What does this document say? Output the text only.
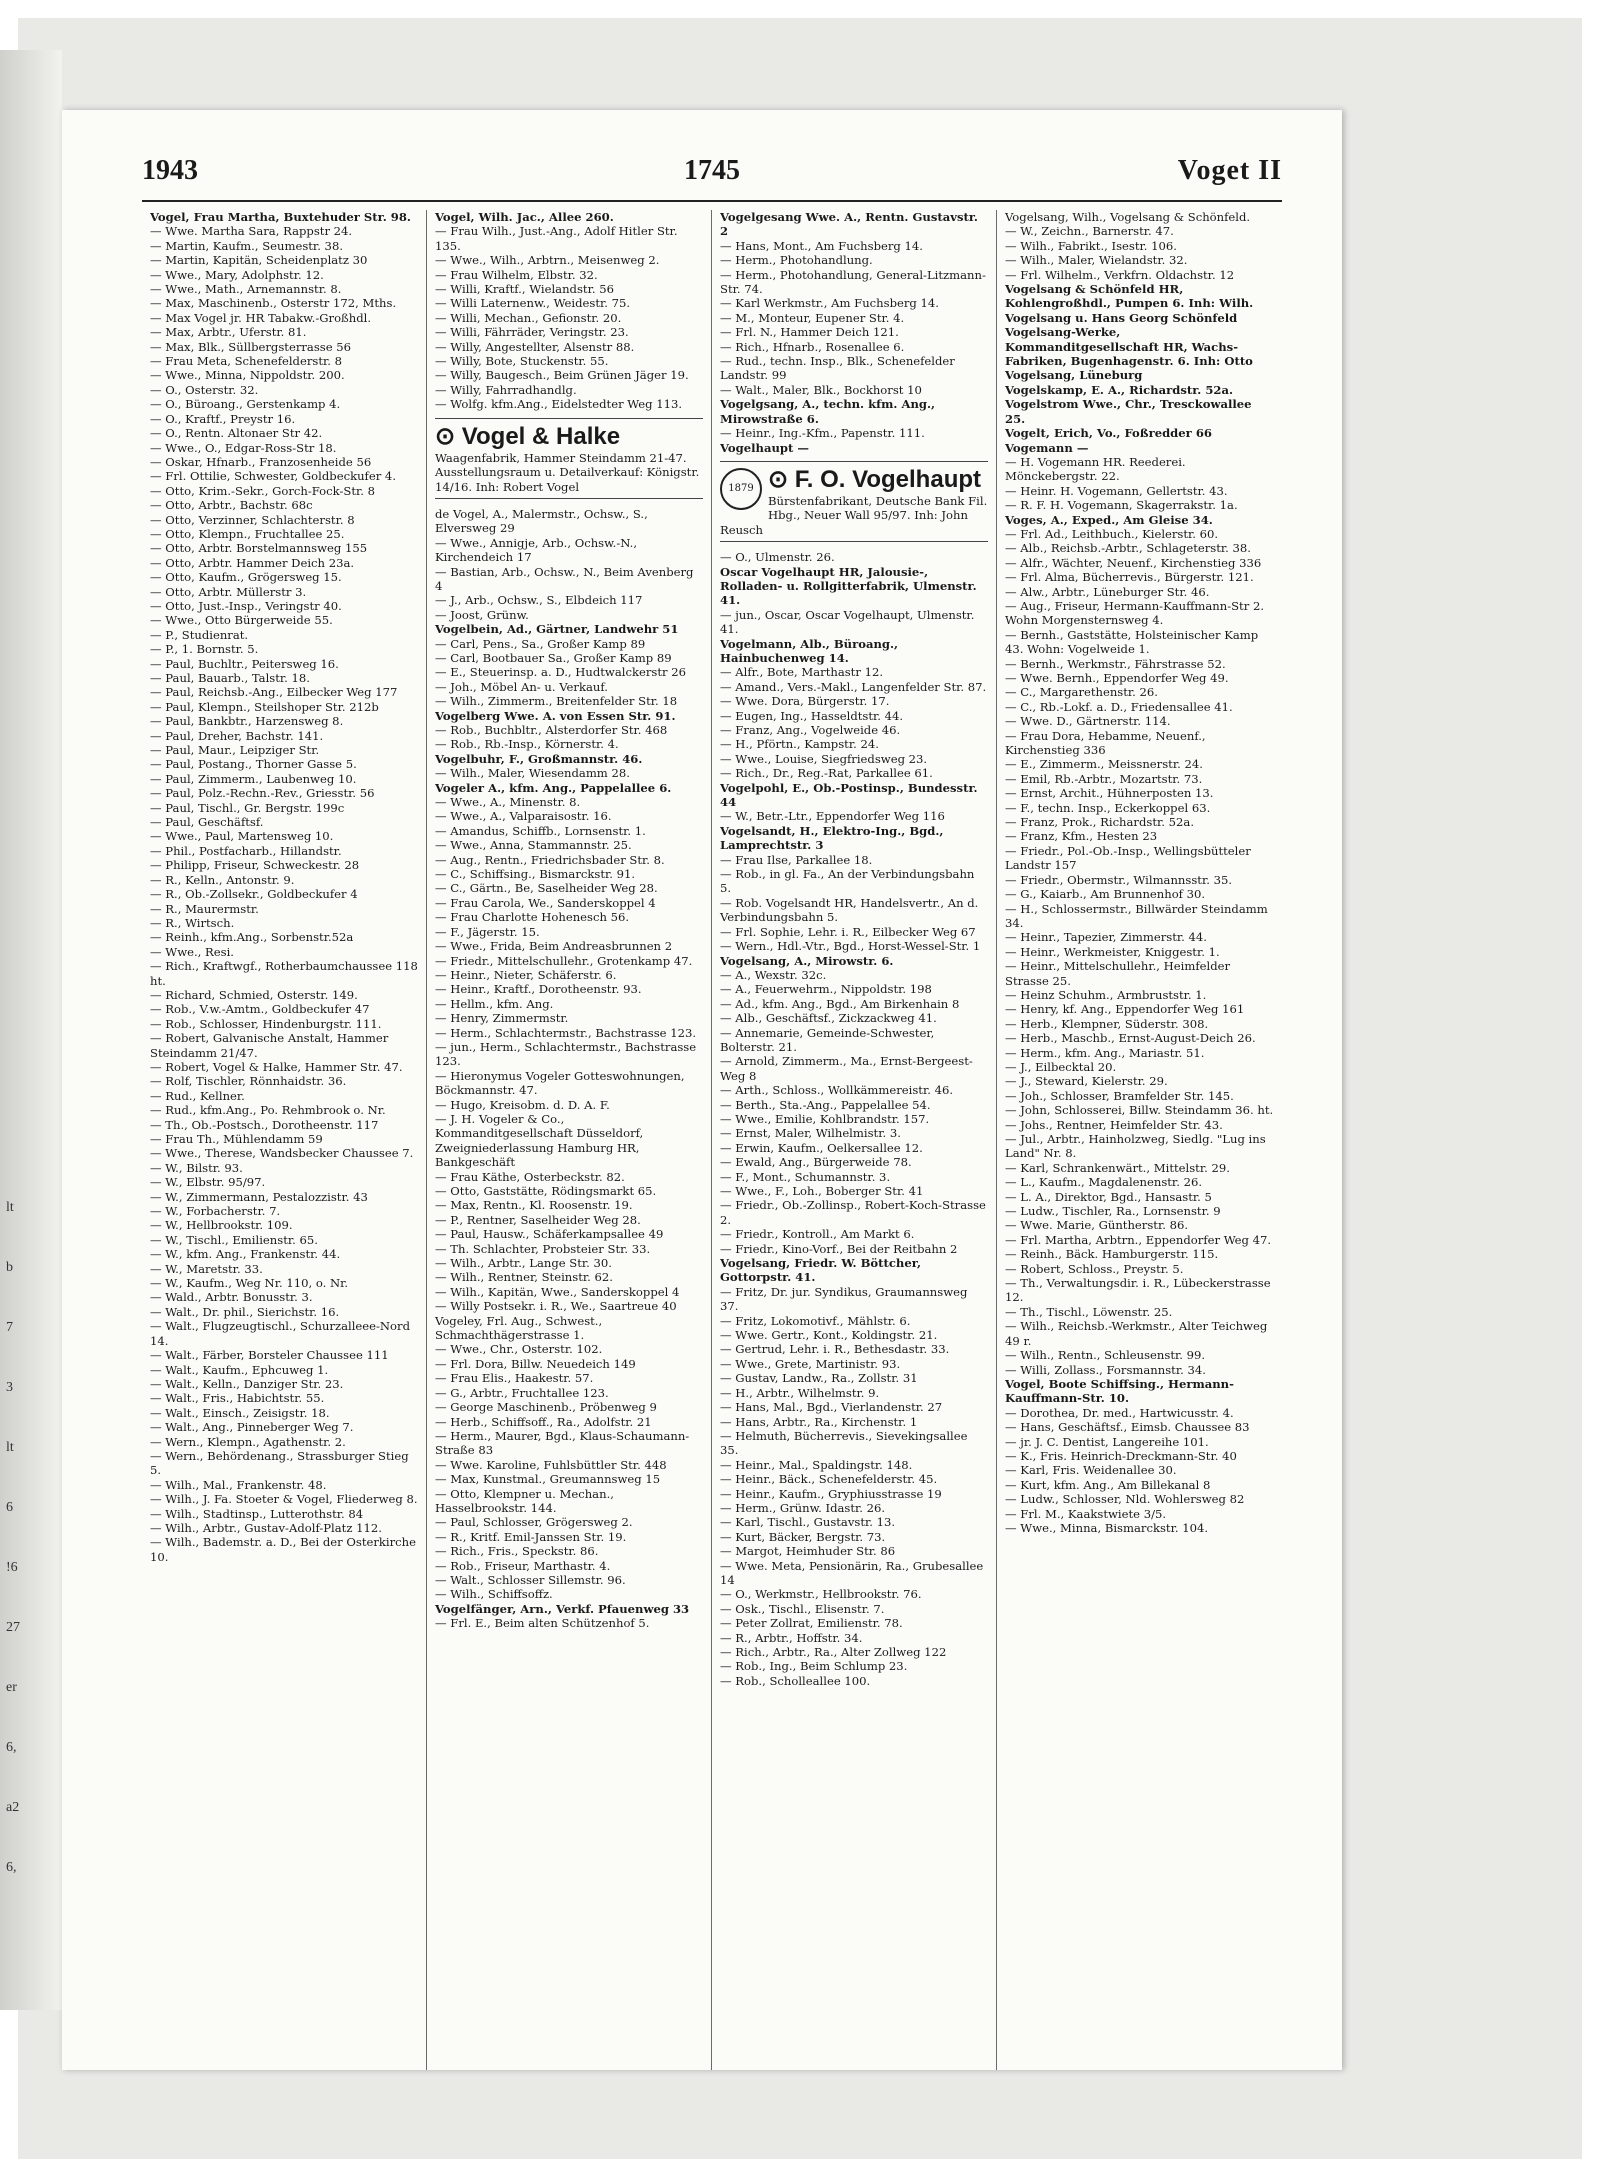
lt
b
7
3
lt
6
!6
27
er
6,
a2
6,
1943	1745	Voget II

Vogel, Frau Martha, Buxtehuder Str. 98.

— Wwe. Martha Sara, Rappstr 24.

— Martin, Kaufm., Seumestr. 38.

— Martin, Kapitän, Scheidenplatz 30

— Wwe., Mary, Adolphstr. 12.

— Wwe., Math., Arnemannstr. 8.

— Max, Maschinenb., Osterstr 172, Mths.

— Max Vogel jr. HR Tabakw.-Großhdl.

— Max, Arbtr., Uferstr. 81.

— Max, Blk., Süllbergsterrasse 56

— Frau Meta, Schenefelderstr. 8

— Wwe., Minna, Nippoldstr. 200.

— O., Osterstr. 32.

— O., Büroang., Gerstenkamp 4.

— O., Kraftf., Preystr 16.

— O., Rentn. Altonaer Str 42.

— Wwe., O., Edgar-Ross-Str 18.

— Oskar, Hfnarb., Franzosenheide 56

— Frl. Ottilie, Schwester, Goldbeckufer 4.

— Otto, Krim.-Sekr., Gorch-Fock-Str. 8

— Otto, Arbtr., Bachstr. 68c

— Otto, Verzinner, Schlachterstr. 8

— Otto, Klempn., Fruchtallee 25.

— Otto, Arbtr. Borstelmannsweg 155

— Otto, Arbtr. Hammer Deich 23a.

— Otto, Kaufm., Grögersweg 15.

— Otto, Arbtr. Müllerstr 3.

— Otto, Just.-Insp., Veringstr 40.

— Wwe., Otto Bürgerweide 55.

— P., Studienrat.

— P., 1. Bornstr. 5.

— Paul, Buchltr., Peitersweg 16.

— Paul, Bauarb., Talstr. 18.

— Paul, Reichsb.-Ang., Eilbecker Weg 177

— Paul, Klempn., Steilshoper Str. 212b

— Paul, Bankbtr., Harzensweg 8.

— Paul, Dreher, Bachstr. 141.

— Paul, Maur., Leipziger Str.

— Paul, Postang., Thorner Gasse 5.

— Paul, Zimmerm., Laubenweg 10.

— Paul, Polz.-Rechn.-Rev., Griesstr. 56

— Paul, Tischl., Gr. Bergstr. 199c

— Paul, Geschäftsf.

— Wwe., Paul, Martensweg 10.

— Phil., Postfacharb., Hillandstr.

— Philipp, Friseur, Schweckestr. 28

— R., Kelln., Antonstr. 9.

— R., Ob.-Zollsekr., Goldbeckufer 4

— R., Maurermstr.

— R., Wirtsch.

— Reinh., kfm.Ang., Sorbenstr.52a

— Wwe., Resi.

— Rich., Kraftwgf., Rotherbaumchaussee 118 ht.

— Richard, Schmied, Osterstr. 149.

— Rob., V.w.-Amtm., Goldbeckufer 47

— Rob., Schlosser, Hindenburgstr. 111.

— Robert, Galvanische Anstalt, Hammer Steindamm 21/47.

— Robert, Vogel & Halke, Hammer Str. 47.

— Rolf, Tischler, Rönnhaidstr. 36.

— Rud., Kellner.

— Rud., kfm.Ang., Po. Rehmbrook o. Nr.

— Th., Ob.-Postsch., Dorotheenstr. 117

— Frau Th., Mühlendamm 59

— Wwe., Therese, Wandsbecker Chaussee 7.

— W., Bilstr. 93.

— W., Elbstr. 95/97.

— W., Zimmermann, Pestalozzistr. 43

— W., Forbacherstr. 7.

— W., Hellbrookstr. 109.

— W., Tischl., Emilienstr. 65.

— W., kfm. Ang., Frankenstr. 44.

— W., Maretstr. 33.

— W., Kaufm., Weg Nr. 110, o. Nr.

— Wald., Arbtr. Bonusstr. 3.

— Walt., Dr. phil., Sierichstr. 16.

— Walt., Flugzeugtischl., Schurzalleee-Nord 14.

— Walt., Färber, Borsteler Chaussee 111

— Walt., Kaufm., Ephcuweg 1.

— Walt., Kelln., Danziger Str. 23.

— Walt., Fris., Habichtstr. 55.

— Walt., Einsch., Zeisigstr. 18.

— Walt., Ang., Pinneberger Weg 7.

— Wern., Klempn., Agathenstr. 2.

— Wern., Behördenang., Strassburger Stieg 5.

— Wilh., Mal., Frankenstr. 48.

— Wilh., J. Fa. Stoeter & Vogel, Fliederweg 8.

— Wilh., Stadtinsp., Lutterothstr. 84

— Wilh., Arbtr., Gustav-Adolf-Platz 112.

— Wilh., Bademstr. a. D., Bei der Osterkirche 10.

Vogel, Wilh. Jac., Allee 260.

— Frau Wilh., Just.-Ang., Adolf Hitler Str. 135.

— Wwe., Wilh., Arbtrn., Meisenweg 2.

— Frau Wilhelm, Elbstr. 32.

— Willi, Kraftf., Wielandstr. 56

— Willi Laternenw., Weidestr. 75.

— Willi, Mechan., Gefionstr. 20.

— Willi, Fährräder, Veringstr. 23.

— Willy, Angestellter, Alsenstr 88.

— Willy, Bote, Stuckenstr. 55.

— Willy, Baugesch., Beim Grünen Jäger 19.

— Willy, Fahrradhandlg.

— Wolfg. kfm.Ang., Eidelstedter Weg 113.

⊙ Vogel & Halke
Waagenfabrik, Hammer Steindamm 21-47. Ausstellungsraum u. Detailverkauf: Königstr. 14/16. Inh: Robert Vogel

de Vogel, A., Malermstr., Ochsw., S., Elversweg 29

— Wwe., Annigje, Arb., Ochsw.-N., Kirchendeich 17

— Bastian, Arb., Ochsw., N., Beim Avenberg 4

— J., Arb., Ochsw., S., Elbdeich 117

— Joost, Grünw.

Vogelbein, Ad., Gärtner, Landwehr 51

— Carl, Pens., Sa., Großer Kamp 89

— Carl, Bootbauer Sa., Großer Kamp 89

— E., Steuerinsp. a. D., Hudtwalckerstr 26

— Joh., Möbel An- u. Verkauf.

— Wilh., Zimmerm., Breitenfelder Str. 18

Vogelberg Wwe. A. von Essen Str. 91.

— Rob., Buchbltr., Alsterdorfer Str. 468

— Rob., Rb.-Insp., Körnerstr. 4.

Vogelbuhr, F., Großmannstr. 46.

— Wilh., Maler, Wiesendamm 28.

Vogeler A., kfm. Ang., Pappelallee 6.

— Wwe., A., Minenstr. 8.

— Wwe., A., Valparaisostr. 16.

— Amandus, Schiffb., Lornsenstr. 1.

— Wwe., Anna, Stammannstr. 25.

— Aug., Rentn., Friedrichsbader Str. 8.

— C., Schiffsing., Bismarckstr. 91.

— C., Gärtn., Be, Saselheider Weg 28.

— Frau Carola, We., Sanderskoppel 4

— Frau Charlotte Hohenesch 56.

— F., Jägerstr. 15.

— Wwe., Frida, Beim Andreasbrunnen 2

— Friedr., Mittelschullehr., Grotenkamp 47.

— Heinr., Nieter, Schäferstr. 6.

— Heinr., Kraftf., Dorotheenstr. 93.

— Hellm., kfm. Ang.

— Henry, Zimmermstr.

— Herm., Schlachtermstr., Bachstrasse 123.

— jun., Herm., Schlachtermstr., Bachstrasse 123.

— Hieronymus Vogeler Gotteswohnungen, Böckmannstr. 47.

— Hugo, Kreisobm. d. D. A. F.

— J. H. Vogeler & Co., Kommanditgesellschaft Düsseldorf, Zweigniederlassung Hamburg HR, Bankgeschäft

— Frau Käthe, Osterbeckstr. 82.

— Otto, Gaststätte, Rödingsmarkt 65.

— Max, Rentn., Kl. Roosenstr. 19.

— P., Rentner, Saselheider Weg 28.

— Paul, Hausw., Schäferkampsallee 49

— Th. Schlachter, Probsteier Str. 33.

— Wilh., Arbtr., Lange Str. 30.

— Wilh., Rentner, Steinstr. 62.

— Wilh., Kapitän, Wwe., Sanderskoppel 4

— Willy Postsekr. i. R., We., Saartreue 40

Vogeley, Frl. Aug., Schwest., Schmachthägerstrasse 1.

— Wwe., Chr., Osterstr. 102.

— Frl. Dora, Billw. Neuedeich 149

— Frau Elis., Haakestr. 57.

— G., Arbtr., Fruchtallee 123.

— George Maschinenb., Pröbenweg 9

— Herb., Schiffsoff., Ra., Adolfstr. 21

— Herm., Maurer, Bgd., Klaus-Schaumann-Straße 83

— Wwe. Karoline, Fuhlsbüttler Str. 448

— Max, Kunstmal., Greumannsweg 15

— Otto, Klempner u. Mechan., Hasselbrookstr. 144.

— Paul, Schlosser, Grögersweg 2.

— R., Kritf. Emil-Janssen Str. 19.

— Rich., Fris., Speckstr. 86.

— Rob., Friseur, Marthastr. 4.

— Walt., Schlosser Sillemstr. 96.

— Wilh., Schiffsoffz.

Vogelfänger, Arn., Verkf. Pfauenweg 33

— Frl. E., Beim alten Schützenhof 5.

Vogelgesang Wwe. A., Rentn. Gustavstr. 2

— Hans, Mont., Am Fuchsberg 14.

— Herm., Photohandlung.

— Herm., Photohandlung, General-Litzmann-Str. 74.

— Karl Werkmstr., Am Fuchsberg 14.

— M., Monteur, Eupener Str. 4.

— Frl. N., Hammer Deich 121.

— Rich., Hfnarb., Rosenallee 6.

— Rud., techn. Insp., Blk., Schenefelder Landstr. 99

— Walt., Maler, Blk., Bockhorst 10

Vogelgsang, A., techn. kfm. Ang., Mirowstraße 6.

— Heinr., Ing.-Kfm., Papenstr. 111.

Vogelhaupt —

1879 ⊙ F. O. Vogelhaupt
Bürstenfabrikant, Deutsche Bank Fil. Hbg., Neuer Wall 95/97. Inh: John Reusch

— O., Ulmenstr. 26.

Oscar Vogelhaupt HR, Jalousie-, Rolladen- u. Rollgitterfabrik, Ulmenstr. 41.

— jun., Oscar, Oscar Vogelhaupt, Ulmenstr. 41.

Vogelmann, Alb., Büroang., Hainbuchenweg 14.

— Alfr., Bote, Marthastr 12.

— Amand., Vers.-Makl., Langenfelder Str. 87.

— Wwe. Dora, Bürgerstr. 17.

— Eugen, Ing., Hasseldtstr. 44.

— Franz, Ang., Vogelweide 46.

— H., Pförtn., Kampstr. 24.

— Wwe., Louise, Siegfriedsweg 23.

— Rich., Dr., Reg.-Rat, Parkallee 61.

Vogelpohl, E., Ob.-Postinsp., Bundesstr. 44

— W., Betr.-Ltr., Eppendorfer Weg 116

Vogelsandt, H., Elektro-Ing., Bgd., Lamprechtstr. 3

— Frau Ilse, Parkallee 18.

— Rob., in gl. Fa., An der Verbindungsbahn 5.

— Rob. Vogelsandt HR, Handelsvertr., An d. Verbindungsbahn 5.

— Frl. Sophie, Lehr. i. R., Eilbecker Weg 67

— Wern., Hdl.-Vtr., Bgd., Horst-Wessel-Str. 1

Vogelsang, A., Mirowstr. 6.

— A., Wexstr. 32c.

— A., Feuerwehrm., Nippoldstr. 198

— Ad., kfm. Ang., Bgd., Am Birkenhain 8

— Alb., Geschäftsf., Zickzackweg 41.

— Annemarie, Gemeinde-Schwester, Bolterstr. 21.

— Arnold, Zimmerm., Ma., Ernst-Bergeest-Weg 8

— Arth., Schloss., Wollkämmereistr. 46.

— Berth., Sta.-Ang., Pappelallee 54.

— Wwe., Emilie, Kohlbrandstr. 157.

— Ernst, Maler, Wilhelmistr. 3.

— Erwin, Kaufm., Oelkersallee 12.

— Ewald, Ang., Bürgerweide 78.

— F., Mont., Schumannstr. 3.

— Wwe., F., Loh., Boberger Str. 41

— Friedr., Ob.-Zollinsp., Robert-Koch-Strasse 2.

— Friedr., Kontroll., Am Markt 6.

— Friedr., Kino-Vorf., Bei der Reitbahn 2

Vogelsang, Friedr. W. Böttcher, Gottorpstr. 41.

— Fritz, Dr. jur. Syndikus, Graumannsweg 37.

— Fritz, Lokomotivf., Mählstr. 6.

— Wwe. Gertr., Kont., Koldingstr. 21.

— Gertrud, Lehr. i. R., Bethesdastr. 33.

— Wwe., Grete, Martinistr. 93.

— Gustav, Landw., Ra., Zollstr. 31

— H., Arbtr., Wilhelmstr. 9.

— Hans, Mal., Bgd., Vierlandenstr. 27

— Hans, Arbtr., Ra., Kirchenstr. 1

— Helmuth, Bücherrevis., Sievekingsallee 35.

— Heinr., Mal., Spaldingstr. 148.

— Heinr., Bäck., Schenefelderstr. 45.

— Heinr., Kaufm., Gryphiusstrasse 19

— Herm., Grünw. Idastr. 26.

— Karl, Tischl., Gustavstr. 13.

— Kurt, Bäcker, Bergstr. 73.

— Margot, Heimhuder Str. 86

— Wwe. Meta, Pensionärin, Ra., Grubesallee 14

— O., Werkmstr., Hellbrookstr. 76.

— Osk., Tischl., Elisenstr. 7.

— Peter Zollrat, Emilienstr. 78.

— R., Arbtr., Hoffstr. 34.

— Rich., Arbtr., Ra., Alter Zollweg 122

— Rob., Ing., Beim Schlump 23.

— Rob., Scholleallee 100.

Vogelsang, Wilh., Vogelsang & Schönfeld.

— W., Zeichn., Barnerstr. 47.

— Wilh., Fabrikt., Isestr. 106.

— Wilh., Maler, Wielandstr. 32.

— Frl. Wilhelm., Verkfrn. Oldachstr. 12

Vogelsang & Schönfeld HR, Kohlengroßhdl., Pumpen 6. Inh: Wilh. Vogelsang u. Hans Georg Schönfeld

Vogelsang-Werke, Kommanditgesellschaft HR, Wachs-Fabriken, Bugenhagenstr. 6. Inh: Otto Vogelsang, Lüneburg

Vogelskamp, E. A., Richardstr. 52a.

Vogelstrom Wwe., Chr., Tresckowallee 25.

Vogelt, Erich, Vo., Foßredder 66

Vogemann —

— H. Vogemann HR. Reederei. Mönckebergstr. 22.

— Heinr. H. Vogemann, Gellertstr. 43.

— R. F. H. Vogemann, Skagerrakstr. 1a.

Voges, A., Exped., Am Gleise 34.

— Frl. Ad., Leithbuch., Kielerstr. 60.

— Alb., Reichsb.-Arbtr., Schlageterstr. 38.

— Alfr., Wächter, Neuenf., Kirchenstieg 336

— Frl. Alma, Bücherrevis., Bürgerstr. 121.

— Alw., Arbtr., Lüneburger Str. 46.

— Aug., Friseur, Hermann-Kauffmann-Str 2. Wohn Morgensternsweg 4.

— Bernh., Gaststätte, Holsteinischer Kamp 43. Wohn: Vogelweide 1.

— Bernh., Werkmstr., Fährstrasse 52.

— Wwe. Bernh., Eppendorfer Weg 49.

— C., Margarethenstr. 26.

— C., Rb.-Lokf. a. D., Friedensallee 41.

— Wwe. D., Gärtnerstr. 114.

— Frau Dora, Hebamme, Neuenf., Kirchenstieg 336

— E., Zimmerm., Meissnerstr. 24.

— Emil, Rb.-Arbtr., Mozartstr. 73.

— Ernst, Archit., Hühnerposten 13.

— F., techn. Insp., Eckerkoppel 63.

— Franz, Prok., Richardstr. 52a.

— Franz, Kfm., Hesten 23

— Friedr., Pol.-Ob.-Insp., Wellingsbütteler Landstr 157

— Friedr., Obermstr., Wilmannsstr. 35.

— G., Kaiarb., Am Brunnenhof 30.

— H., Schlossermstr., Billwärder Steindamm 34.

— Heinr., Tapezier, Zimmerstr. 44.

— Heinr., Werkmeister, Kniggestr. 1.

— Heinr., Mittelschullehr., Heimfelder Strasse 25.

— Heinz Schuhm., Armbruststr. 1.

— Henry, kf. Ang., Eppendorfer Weg 161

— Herb., Klempner, Süderstr. 308.

— Herb., Maschb., Ernst-August-Deich 26.

— Herm., kfm. Ang., Mariastr. 51.

— J., Eilbecktal 20.

— J., Steward, Kielerstr. 29.

— Joh., Schlosser, Bramfelder Str. 145.

— John, Schlosserei, Billw. Steindamm 36. ht.

— Johs., Rentner, Heimfelder Str. 43.

— Jul., Arbtr., Hainholzweg, Siedlg. "Lug ins Land" Nr. 8.

— Karl, Schrankenwärt., Mittelstr. 29.

— L., Kaufm., Magdalenenstr. 26.

— L. A., Direktor, Bgd., Hansastr. 5

— Ludw., Tischler, Ra., Lornsenstr. 9

— Wwe. Marie, Güntherstr. 86.

— Frl. Martha, Arbtrn., Eppendorfer Weg 47.

— Reinh., Bäck. Hamburgerstr. 115.

— Robert, Schloss., Preystr. 5.

— Th., Verwaltungsdir. i. R., Lübeckerstrasse 12.

— Th., Tischl., Löwenstr. 25.

— Wilh., Reichsb.-Werkmstr., Alter Teichweg 49 r.

— Wilh., Rentn., Schleusenstr. 99.

— Willi, Zollass., Forsmannstr. 34.

Vogel, Boote Schiffsing., Hermann-Kauffmann-Str. 10.

— Dorothea, Dr. med., Hartwicusstr. 4.

— Hans, Geschäftsf., Eimsb. Chaussee 83

— jr. J. C. Dentist, Langereihe 101.

— K., Fris. Heinrich-Dreckmann-Str. 40

— Karl, Fris. Weidenallee 30.

— Kurt, kfm. Ang., Am Billekanal 8

— Ludw., Schlosser, Nld. Wohlersweg 82

— Frl. M., Kaakstwiete 3/5.

— Wwe., Minna, Bismarckstr. 104.
